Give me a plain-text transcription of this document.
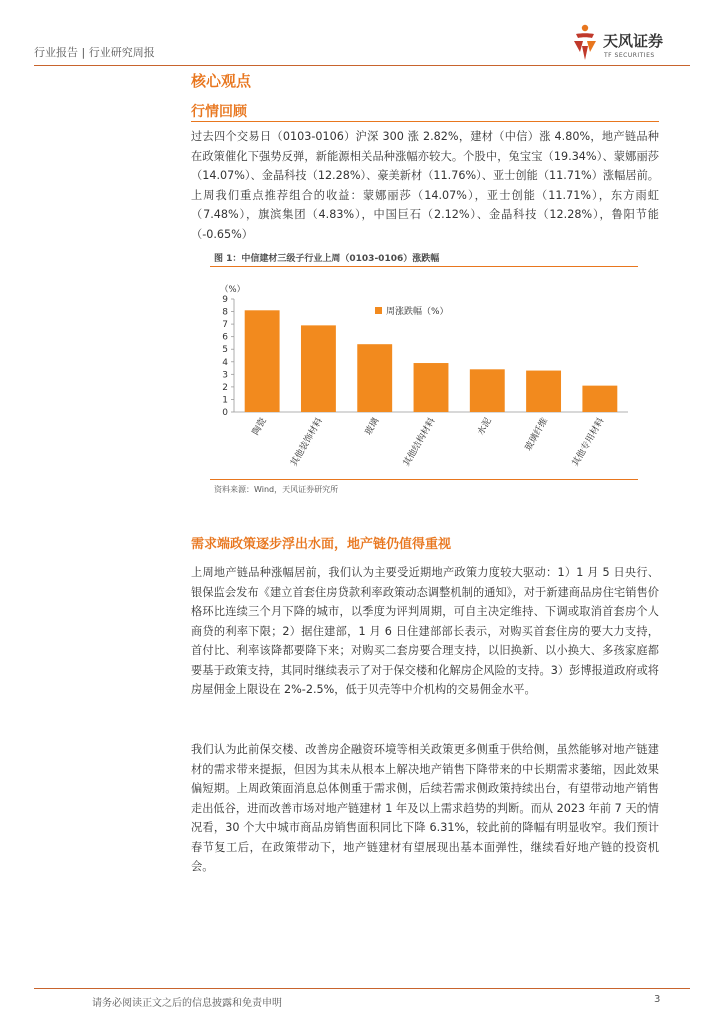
行业报告 | 行业研究周报
天风证券
TF SECURITIES
核心观点
行情回顾

过去四个交易日（0103-0106）沪深 300 涨 2.82%，建材（中信）涨 4.80%，地产链品种在政策催化下强势反弹，新能源相关品种涨幅亦较大。个股中，兔宝宝（19.34%）、蒙娜丽莎（14.07%）、金晶科技（12.28%）、豪美新材（11.76%）、亚士创能（11.71%）涨幅居前。上周我们重点推荐组合的收益：蒙娜丽莎（14.07%），亚士创能（11.71%），东方雨虹（7.48%），旗滨集团（4.83%），中国巨石（2.12%）、金晶科技（12.28%），鲁阳节能（-0.65%）

图 1：中信建材三级子行业上周（0103-0106）涨跌幅
（%）
0
1
2
3
4
5
6
7
8
9
陶瓷 其他装饰材料	玻璃 其他结构材料	水泥	玻璃纤维 其他专用材料
周涨跌幅（%）
资料来源：Wind，天风证券研究所
需求端政策逐步浮出水面，地产链仍值得重视

上周地产链品种涨幅居前，我们认为主要受近期地产政策力度较大驱动：1）1 月 5 日央行、银保监会发布《建立首套住房贷款利率政策动态调整机制的通知》，对于新建商品房住宅销售价格环比连续三个月下降的城市，以季度为评判周期，可自主决定维持、下调或取消首套房个人商贷的利率下限；2）据住建部，1 月 6 日住建部部长表示，对购买首套住房的要大力支持，首付比、利率该降都要降下来；对购买二套房要合理支持，以旧换新、以小换大、多孩家庭都要基于政策支持，其同时继续表示了对于保交楼和化解房企风险的支持。3）彭博报道政府或将房屋佣金上限设在 2%-2.5%，低于贝壳等中介机构的交易佣金水平。

我们认为此前保交楼、改善房企融资环境等相关政策更多侧重于供给侧，虽然能够对地产链建材的需求带来提振，但因为其未从根本上解决地产销售下降带来的中长期需求萎缩，因此效果偏短期。上周政策面消息总体侧重于需求侧，后续若需求侧政策持续出台，有望带动地产销售走出低谷，进而改善市场对地产链建材 1 年及以上需求趋势的判断。而从 2023 年前 7 天的情况看，30 个大中城市商品房销售面积同比下降 6.31%，较此前的降幅有明显收窄。我们预计春节复工后，在政策带动下，地产链建材有望展现出基本面弹性，继续看好地产链的投资机会。

请务必阅读正文之后的信息披露和免责申明	3
